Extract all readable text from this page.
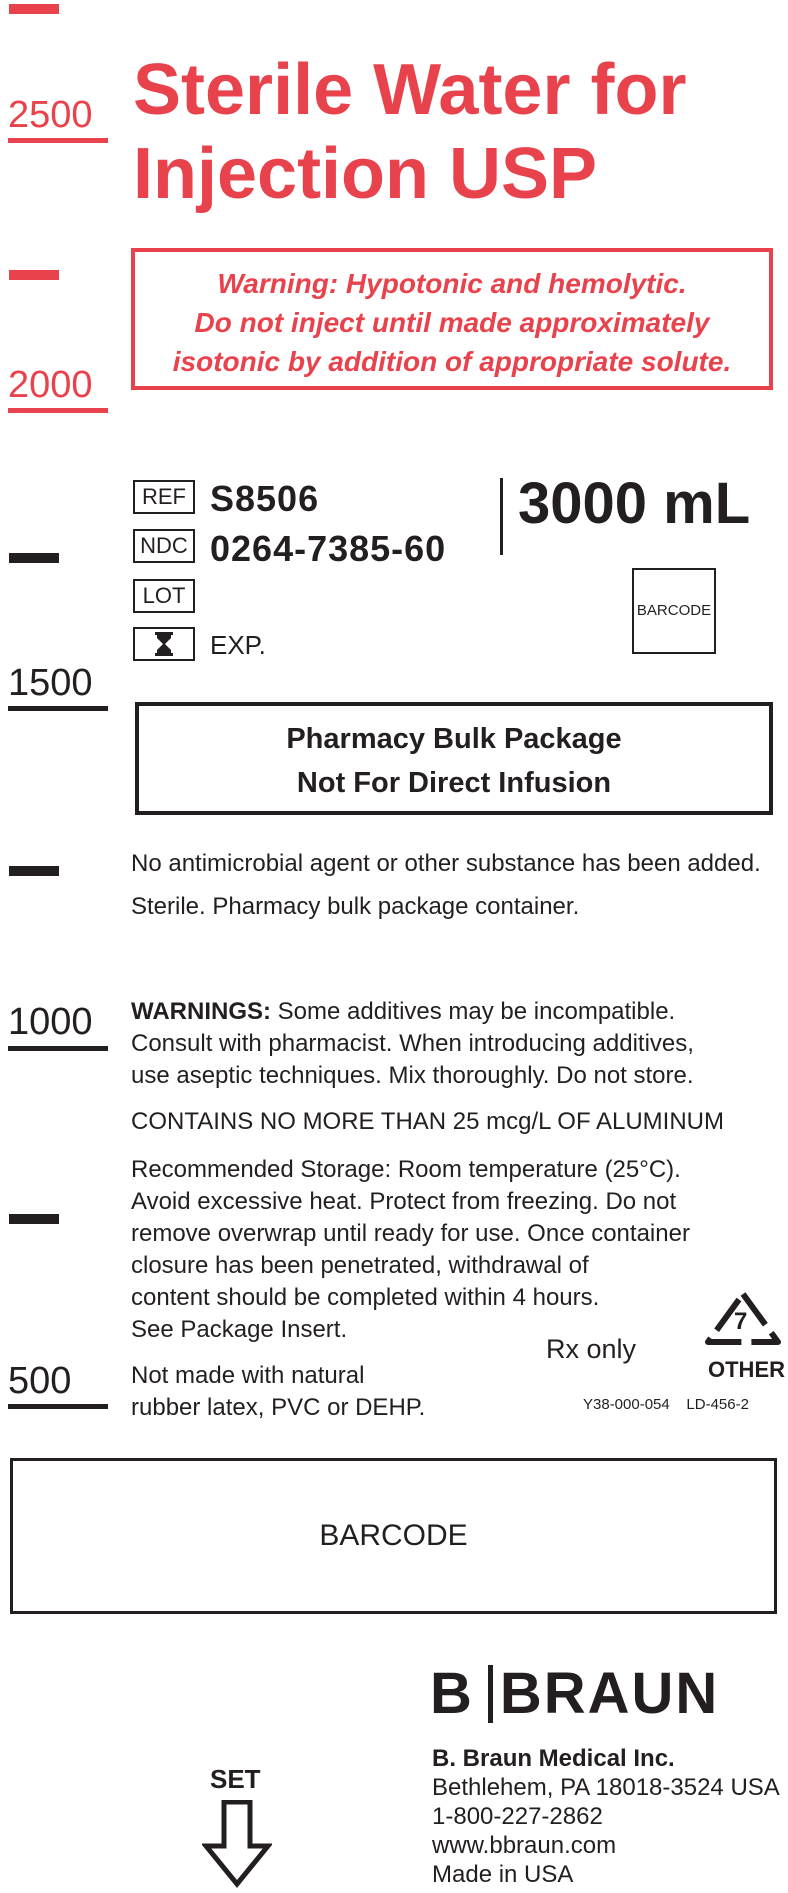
2500
2000
1500
1000
500
Sterile Water for
Injection USP
Warning: Hypotonic and hemolytic.
Do not inject until made approximately
isotonic by addition of appropriate solute.
REF S8506
NDC 0264-7385-60
LOT
EXP.
3000 mL
BARCODE
Pharmacy Bulk Package
Not For Direct Infusion
No antimicrobial agent or other substance has been added.
Sterile. Pharmacy bulk package container.
WARNINGS: Some additives may be incompatible.
Consult with pharmacist. When introducing additives,
use aseptic techniques. Mix thoroughly. Do not store.
CONTAINS NO MORE THAN 25 mcg/L OF ALUMINUM
Recommended Storage: Room temperature (25°C).
Avoid excessive heat. Protect from freezing. Do not
remove overwrap until ready for use. Once container
closure has been penetrated, withdrawal of
content should be completed within 4 hours.
See Package Insert.
Not made with natural
rubber latex, PVC or DEHP.
Rx only
7
OTHER
Y38-000-054 LD-456-2
BARCODE
B BRAUN
B. Braun Medical Inc.
Bethlehem, PA 18018-3524 USA
1-800-227-2862
www.bbraun.com
Made in USA
SET
